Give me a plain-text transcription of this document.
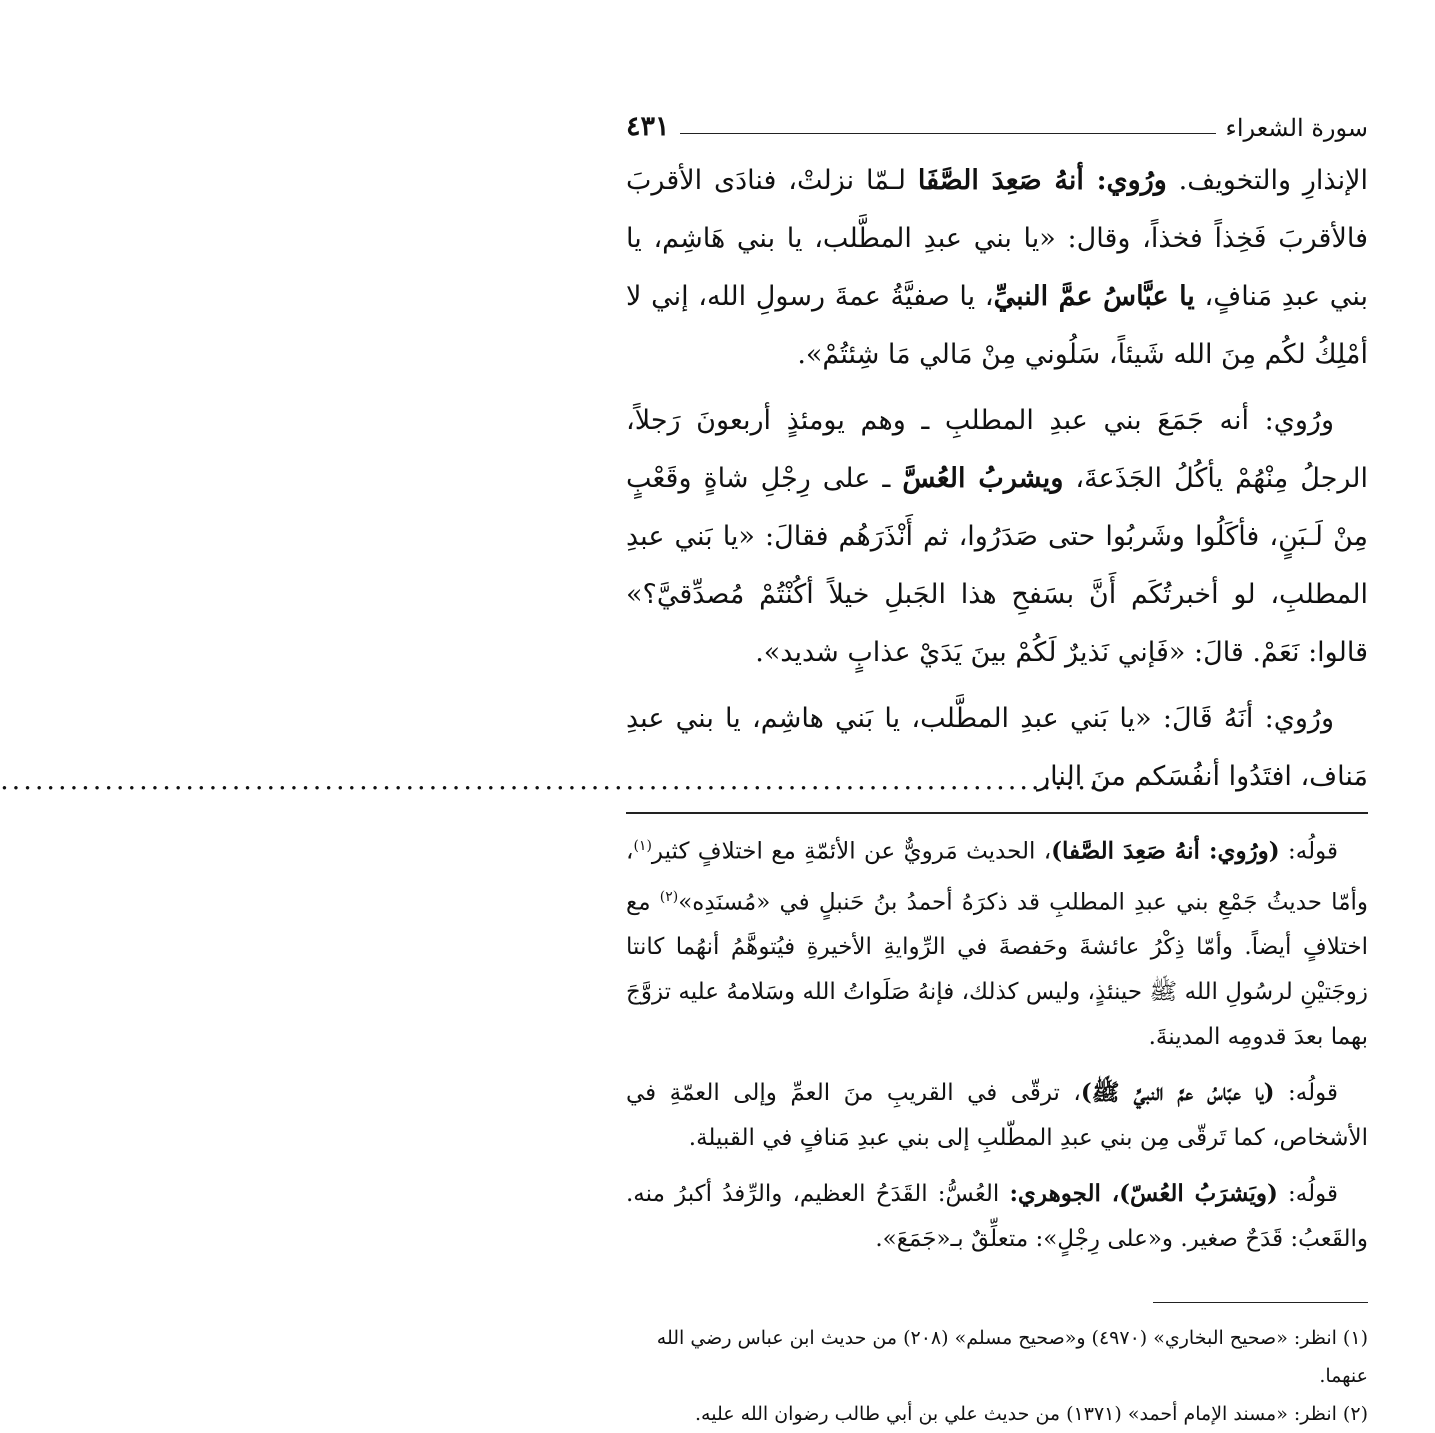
سورة الشعراء
٤٣١

الإنذارِ والتخويف. ورُوي: أنهُ صَعِدَ الصَّفَا لـمّا نزلتْ، فنادَى الأقربَ فالأقربَ فَخِذاً فخذاً، وقال: «يا بني عبدِ المطَّلب، يا بني هَاشِم، يا بني عبدِ مَنافٍ، يا عبَّاسُ عمَّ النبيِّ، يا صفيَّةُ عمةَ رسولِ الله، إني لا أمْلِكُ لكُم مِنَ الله شَيئاً، سَلُوني مِنْ مَالي مَا شِئتُمْ».

ورُوي: أنه جَمَعَ بني عبدِ المطلبِ ـ وهم يومئذٍ أربعونَ رَجلاً، الرجلُ مِنْهُمْ يأكُلُ الجَذَعةَ، ويشربُ العُسَّ ـ على رِجْلِ شاةٍ وقَعْبٍ مِنْ لَـبَنٍ، فأكَلُوا وشَربُوا حتى صَدَرُوا، ثم أَنْذَرَهُم فقالَ: «يا بَني عبدِ المطلبِ، لو أخبرتُكَم أَنَّ بسَفحِ هذا الجَبلِ خيلاً أكُنْتُمْ مُصدِّقيَّ؟» قالوا: نَعَمْ. قالَ: «فَإني نَذيرٌ لَكُمْ بينَ يَدَيْ عذابٍ شديد».

ورُوي: أنَهُ قَالَ: «يا بَني عبدِ المطَّلب، يا بَني هاشِم، يا بني عبدِ مَناف، افتَدُوا أنفُسَكم منَ النار

................................................................................................

قولُه: (ورُوي: أنهُ صَعِدَ الصَّفا)، الحديث مَرويٌّ عن الأئمّةِ مع اختلافٍ كثير$^{(١)}$، وأمّا حديثُ جَمْعِ بني عبدِ المطلبِ قد ذكرَهُ أحمدُ بنُ حَنبلٍ في «مُسنَدِه»$^{(٢)}$ مع اختلافٍ أيضاً. وأمّا ذِكْرُ عائشةَ وحَفصةَ في الرِّوايةِ الأخيرةِ فيُتوهَّمُ أنهُما كانتا زوجَتيْنِ لرسُولِ الله ﷺ حينئذٍ، وليس كذلك، فإنهُ صَلَواتُ الله وسَلامهُ عليه تزوَّجَ بهما بعدَ قدومِه المدينةَ.

قولُه: (يا عبّاسُ عمَّ النبيِّ ﷺ)، ترقّى في القريبِ منَ العمِّ وإلى العمّةِ في الأشخاص، كما تَرقّى مِن بني عبدِ المطّلبِ إلى بني عبدِ مَنافٍ في القبيلة.

قولُه: (ويَشرَبُ العُسّ)، الجوهري: العُسُّ: القَدَحُ العظيم، والرِّفدُ أكبرُ منه. والقَعبُ: قَدَحٌ صغير. و«على رِجْلٍ»: متعلِّقٌ بـ«جَمَعَ».

(١) انظر: «صحيح البخاري» (٤٩٧٠) و«صحيح مسلم» (٢٠٨) من حديث ابن عباس رضي الله عنهما.

(٢) انظر: «مسند الإمام أحمد» (١٣٧١) من حديث علي بن أبي طالب رضوان الله عليه.
